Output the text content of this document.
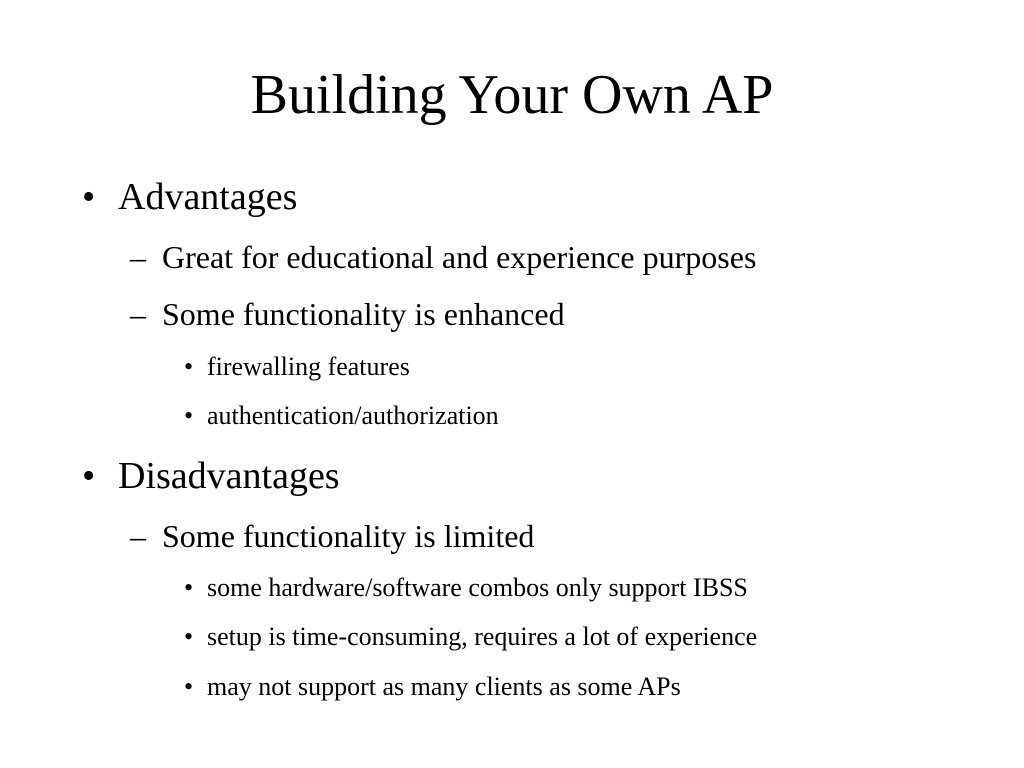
Building Your Own AP
• Advantages
– Great for educational and experience purposes
– Some functionality is enhanced
• firewalling features
• authentication/authorization
• Disadvantages
– Some functionality is limited
• some hardware/software combos only support IBSS
• setup is time-consuming, requires a lot of experience
• may not support as many clients as some APs
